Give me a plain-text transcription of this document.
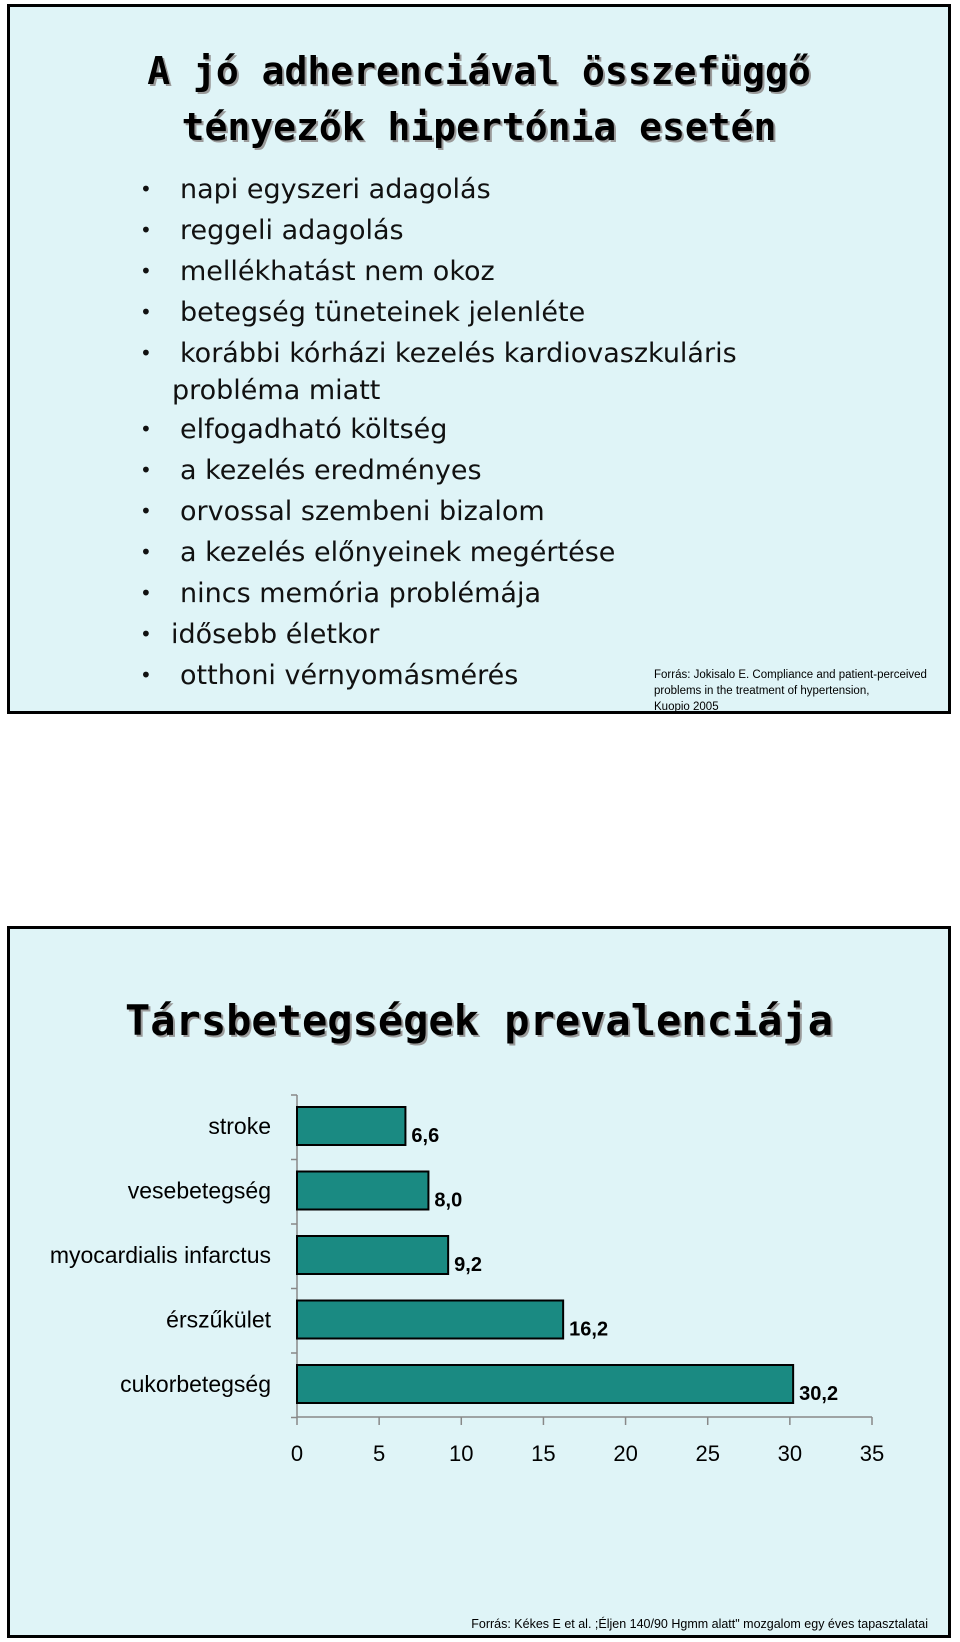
A jó adherenciával összefüggő
tényezők hipertónia esetén
• napi egyszeri adagolás
• reggeli adagolás
• mellékhatást nem okoz
• betegség tüneteinek jelenléte
• korábbi kórházi kezelés kardiovaszkuláris
probléma miatt
• elfogadható költség
• a kezelés eredményes
• orvossal szembeni bizalom
• a kezelés előnyeinek megértése
• nincs memória problémája
• idősebb életkor
• otthoni vérnyomásmérés	Forrás: Jokisalo E. Compliance and patient-perceived
problems in the treatment of hypertension,
Kuopio 2005
Társbetegségek prevalenciája
stroke	6,6
vesebetegség	8,0
myocardialis infarctus	9,2
érszűkület	16,2
cukorbetegség	30,2
0	5	10	15	20	25	30	35
Forrás: Kékes E et al. ;Éljen 140/90 Hgmm alatt" mozgalom egy éves tapasztalatai
